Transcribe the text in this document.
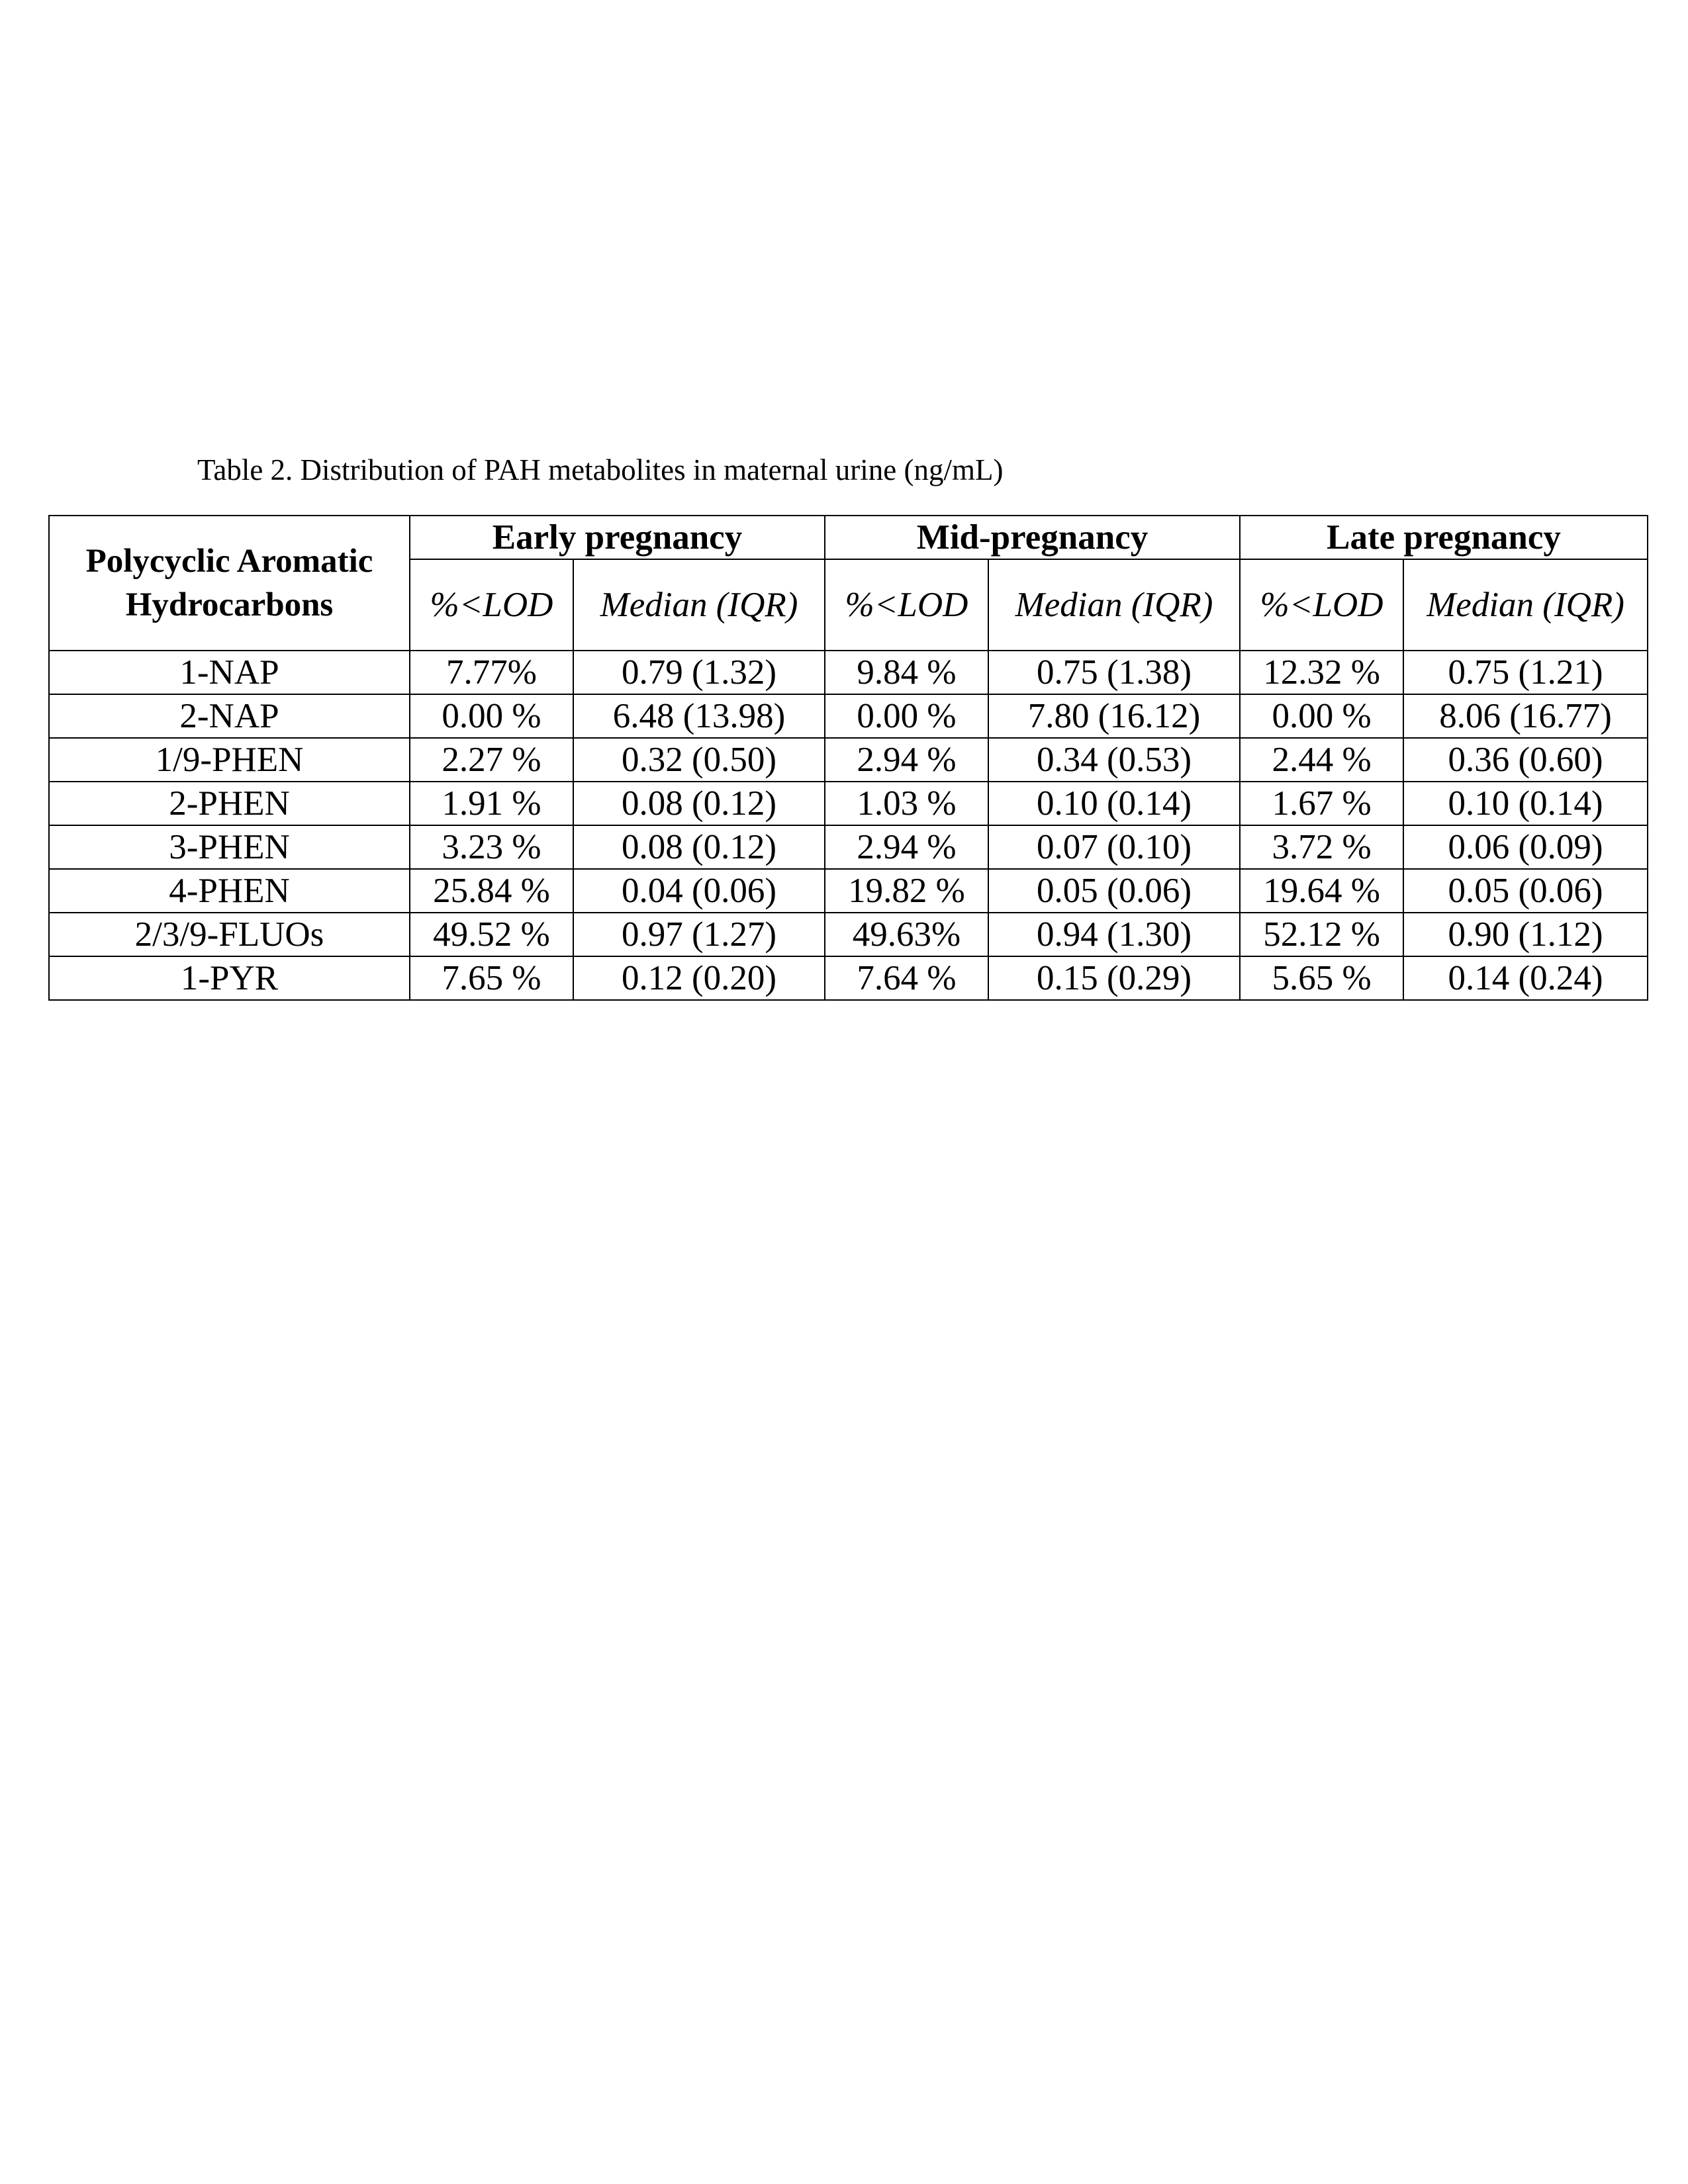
Table 2. Distribution of PAH metabolites in maternal urine (ng/mL)
Polycyclic Aromatic Hydrocarbons	Early pregnancy		Mid-pregnancy		Late pregnancy	
	%<LOD	Median (IQR)	%<LOD	Median (IQR)	%<LOD	Median (IQR)
1-NAP	7.77%	0.79 (1.32)	9.84 %	0.75 (1.38)	12.32 %	0.75 (1.21)
2-NAP	0.00 %	6.48 (13.98)	0.00 %	7.80 (16.12)	0.00 %	8.06 (16.77)
1/9-PHEN	2.27 %	0.32 (0.50)	2.94 %	0.34 (0.53)	2.44 %	0.36 (0.60)
2-PHEN	1.91 %	0.08 (0.12)	1.03 %	0.10 (0.14)	1.67 %	0.10 (0.14)
3-PHEN	3.23 %	0.08 (0.12)	2.94 %	0.07 (0.10)	3.72 %	0.06 (0.09)
4-PHEN	25.84 %	0.04 (0.06)	19.82 %	0.05 (0.06)	19.64 %	0.05 (0.06)
2/3/9-FLUOs	49.52 %	0.97 (1.27)	49.63%	0.94 (1.30)	52.12 %	0.90 (1.12)
1-PYR	7.65 %	0.12 (0.20)	7.64 %	0.15 (0.29)	5.65 %	0.14 (0.24)
